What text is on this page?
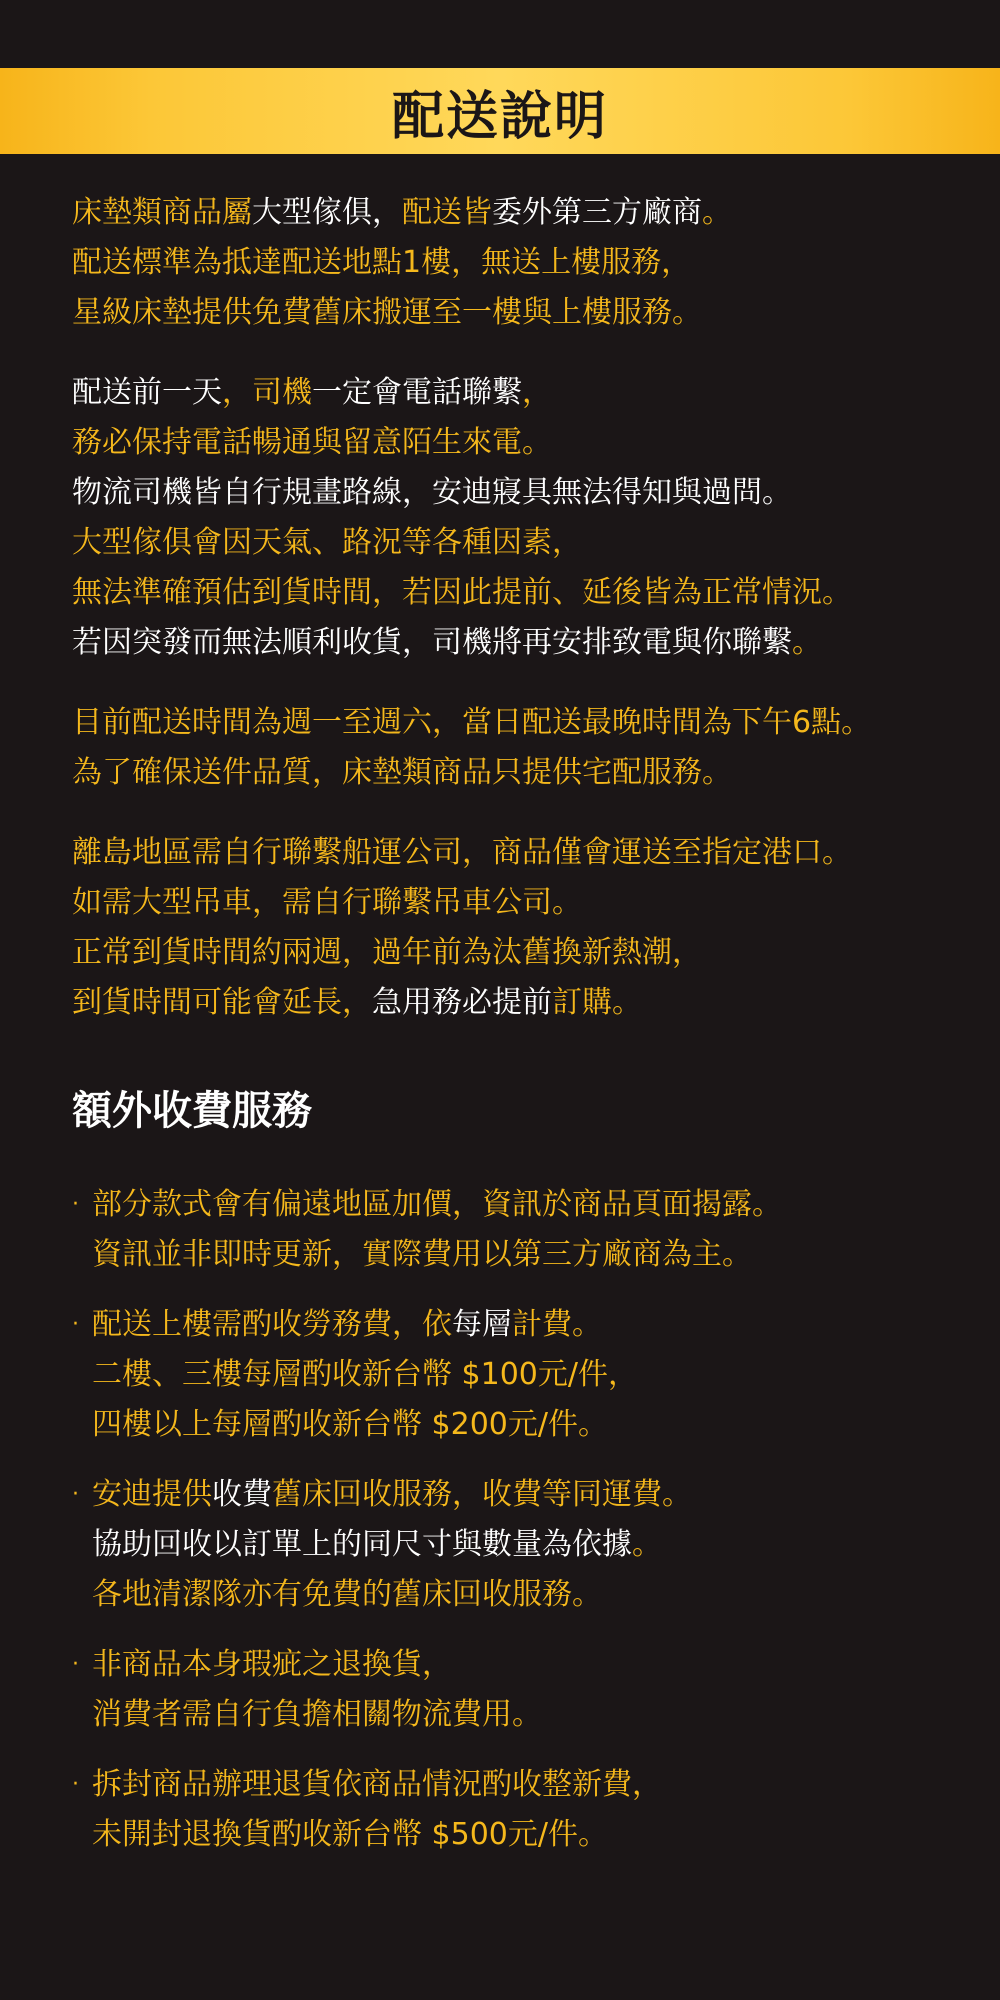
配送說明
床墊類商品屬大型傢俱，配送皆委外第三方廠商。
配送標準為抵達配送地點1樓，無送上樓服務，
星級床墊提供免費舊床搬運至一樓與上樓服務。
配送前一天，司機一定會電話聯繫，
務必保持電話暢通與留意陌生來電。
物流司機皆自行規畫路線，安迪寢具無法得知與過問。
大型傢俱會因天氣、路況等各種因素，
無法準確預估到貨時間，若因此提前、延後皆為正常情況。
若因突發而無法順利收貨，司機將再安排致電與你聯繫。
目前配送時間為週一至週六，當日配送最晚時間為下午6點。
為了確保送件品質，床墊類商品只提供宅配服務。
離島地區需自行聯繫船運公司，商品僅會運送至指定港口。
如需大型吊車，需自行聯繫吊車公司。
正常到貨時間約兩週，過年前為汰舊換新熱潮，
到貨時間可能會延長，急用務必提前訂購。
額外收費服務
· 部分款式會有偏遠地區加價，資訊於商品頁面揭露。
資訊並非即時更新，實際費用以第三方廠商為主。
· 配送上樓需酌收勞務費，依每層計費。
二樓、三樓每層酌收新台幣 $100元/件，
四樓以上每層酌收新台幣 $200元/件。
· 安迪提供收費舊床回收服務，收費等同運費。
協助回收以訂單上的同尺寸與數量為依據。
各地清潔隊亦有免費的舊床回收服務。
· 非商品本身瑕疵之退換貨，
消費者需自行負擔相關物流費用。
· 拆封商品辦理退貨依商品情況酌收整新費，
未開封退換貨酌收新台幣 $500元/件。
